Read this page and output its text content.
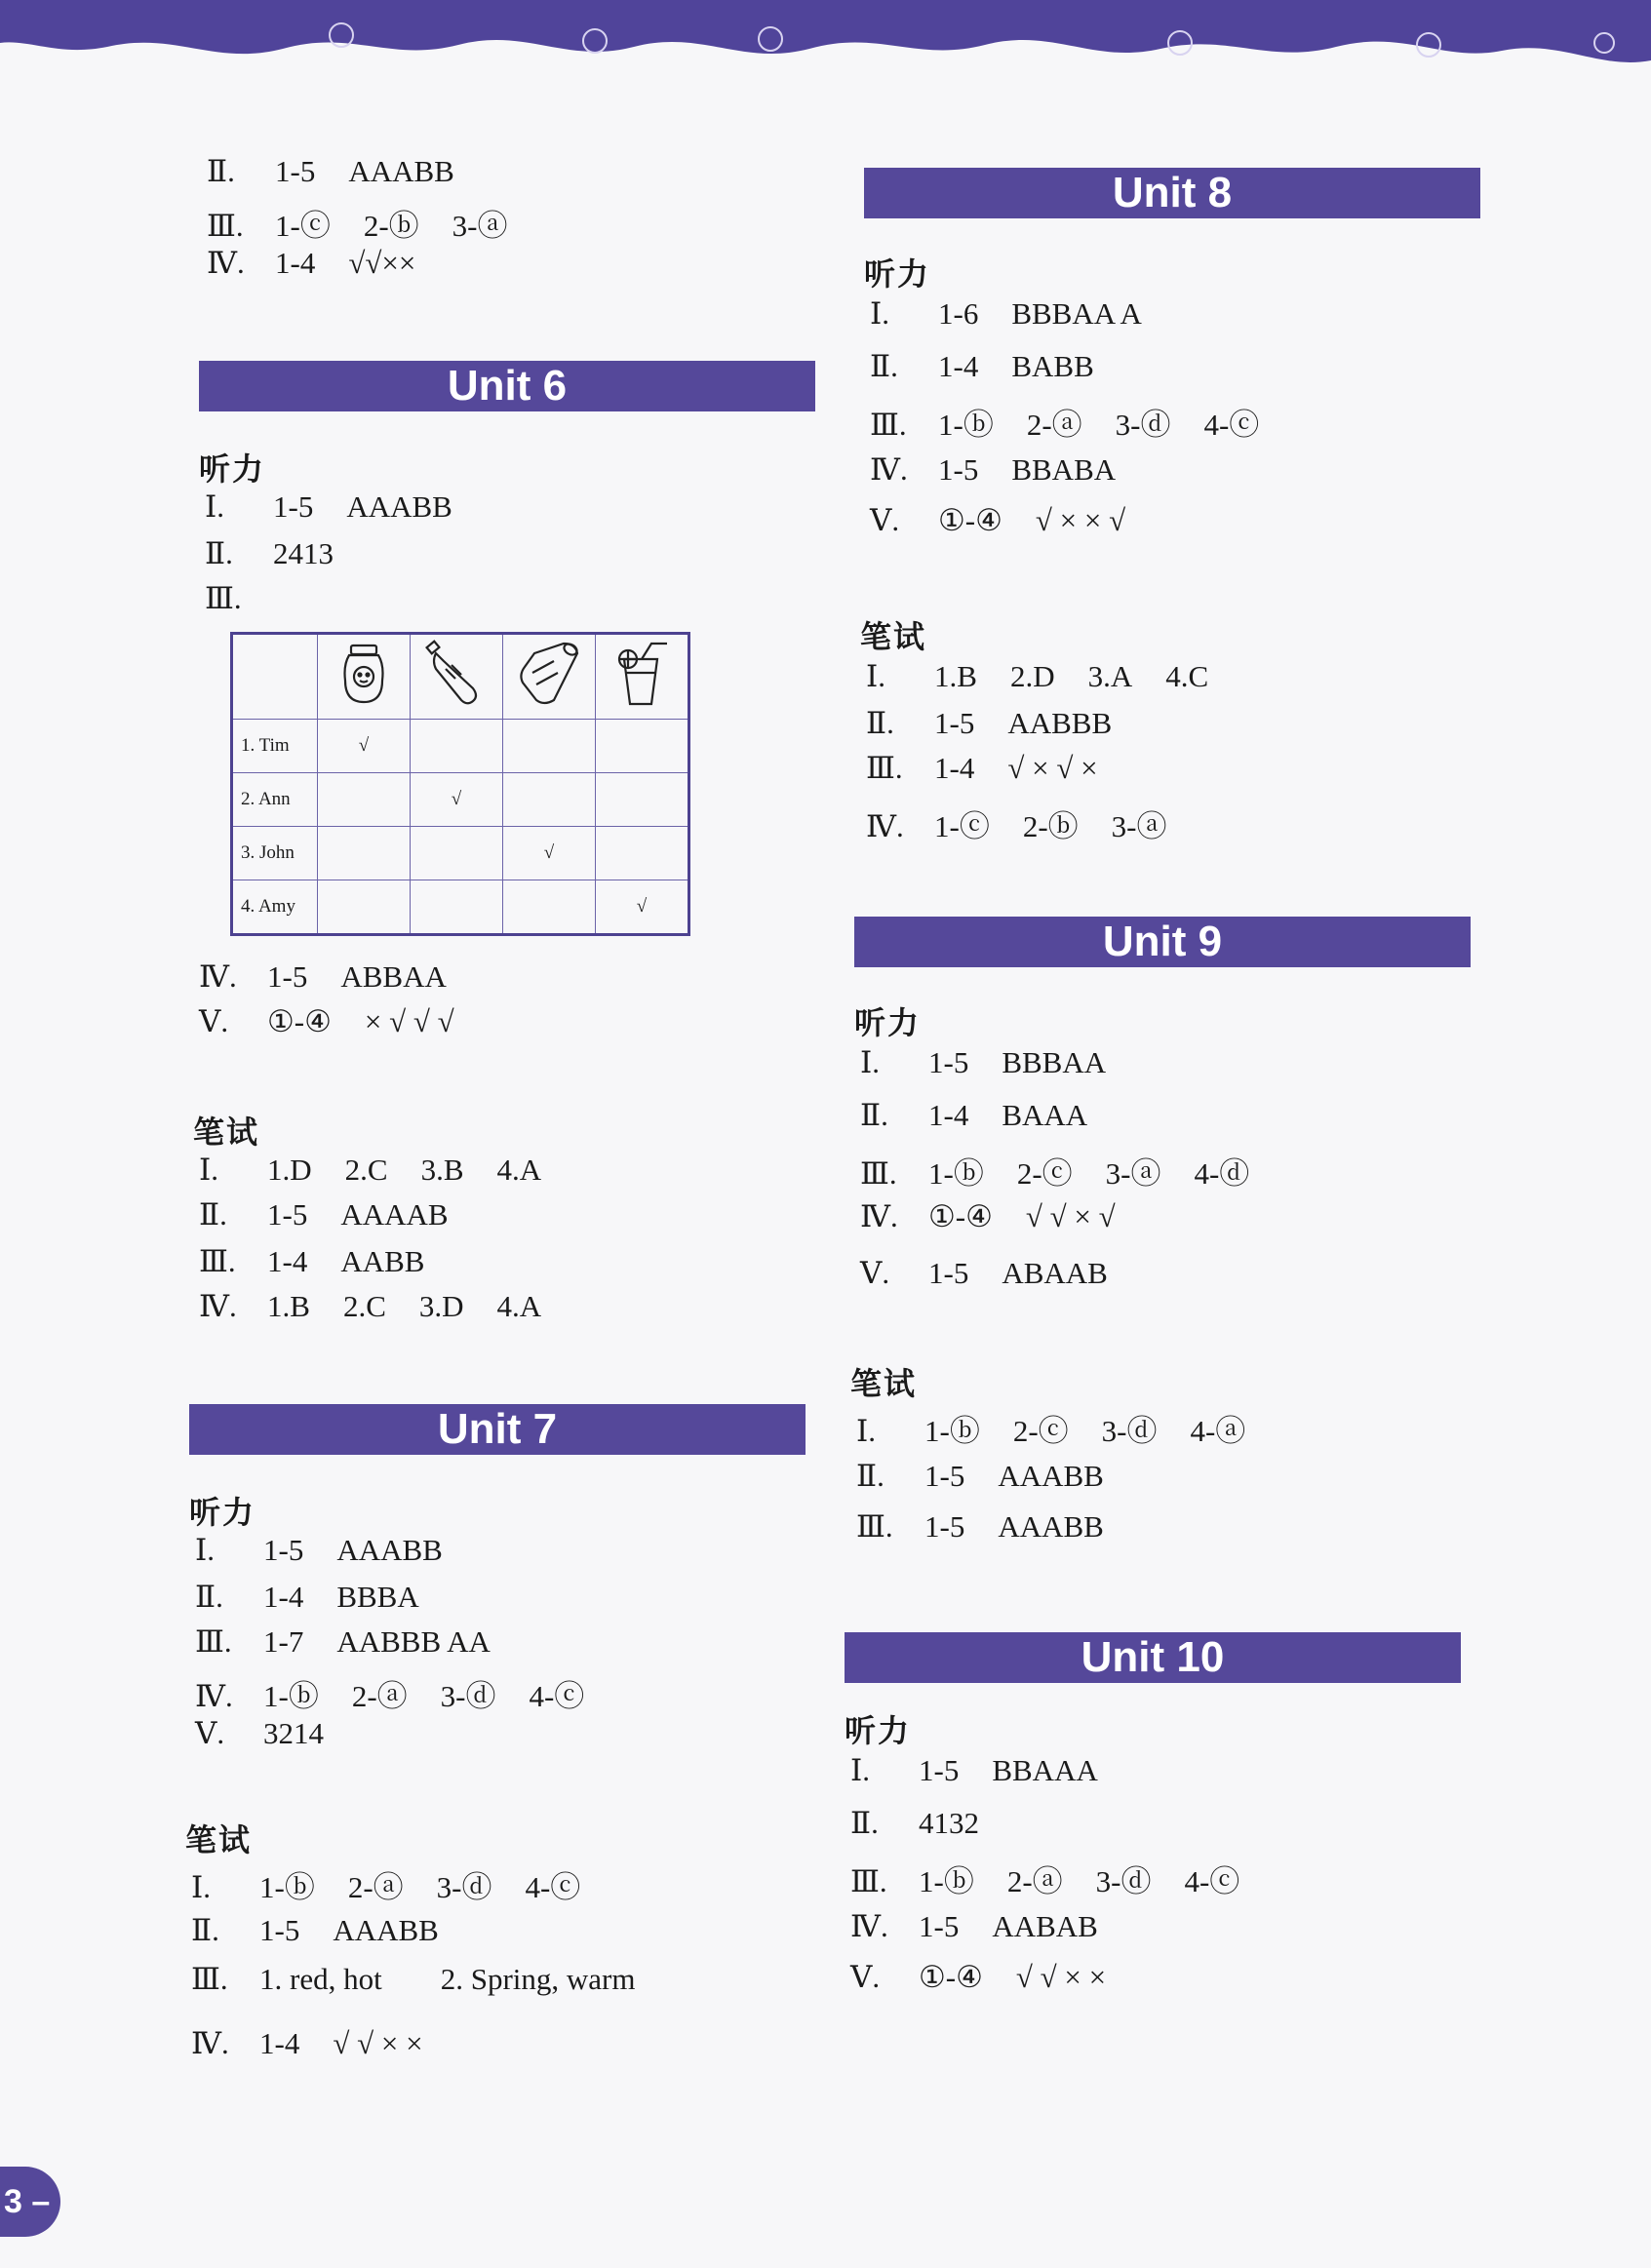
Ⅱ. 1-5 AAABB
Ⅲ. 1-ⓒ 2-ⓑ 3-ⓐ
Ⅳ. 1-4 √√××
Unit 6
听力
Ⅰ. 1-5 AAABB
Ⅱ. 2413
Ⅲ.

1. Tim	√			
2. Ann		√		
3. John			√	
4. Amy				√
Ⅳ. 1-5 ABBAA
Ⅴ. ①-④ × √ √ √
笔试
Ⅰ. 1.D 2.C 3.B 4.A
Ⅱ. 1-5 AAAAB
Ⅲ. 1-4 AABB
Ⅳ. 1.B 2.C 3.D 4.A
Unit 7
听力
Ⅰ. 1-5 AAABB
Ⅱ. 1-4 BBBA
Ⅲ. 1-7 AABBB AA
Ⅳ. 1-ⓑ 2-ⓐ 3-ⓓ 4-ⓒ
Ⅴ. 3214
笔试
Ⅰ. 1-ⓑ 2-ⓐ 3-ⓓ 4-ⓒ
Ⅱ. 1-5 AAABB
Ⅲ. 1. red, hot 2. Spring, warm
Ⅳ. 1-4 √ √ × ×
Unit 8
听力
Ⅰ. 1-6 BBBAA A
Ⅱ. 1-4 BABB
Ⅲ. 1-ⓑ 2-ⓐ 3-ⓓ 4-ⓒ
Ⅳ. 1-5 BBABA
Ⅴ. ①-④ √ × × √
笔试
Ⅰ. 1.B 2.D 3.A 4.C
Ⅱ. 1-5 AABBB
Ⅲ. 1-4 √ × √ ×
Ⅳ. 1-ⓒ 2-ⓑ 3-ⓐ
Unit 9
听力
Ⅰ. 1-5 BBBAA
Ⅱ. 1-4 BAAA
Ⅲ. 1-ⓑ 2-ⓒ 3-ⓐ 4-ⓓ
Ⅳ. ①-④ √ √ × √
Ⅴ. 1-5 ABAAB
笔试
Ⅰ. 1-ⓑ 2-ⓒ 3-ⓓ 4-ⓐ
Ⅱ. 1-5 AAABB
Ⅲ. 1-5 AAABB
Unit 10
听力
Ⅰ. 1-5 BBAAA
Ⅱ. 4132
Ⅲ. 1-ⓑ 2-ⓐ 3-ⓓ 4-ⓒ
Ⅳ. 1-5 AABAB
Ⅴ. ①-④ √ √ × ×
3 –
